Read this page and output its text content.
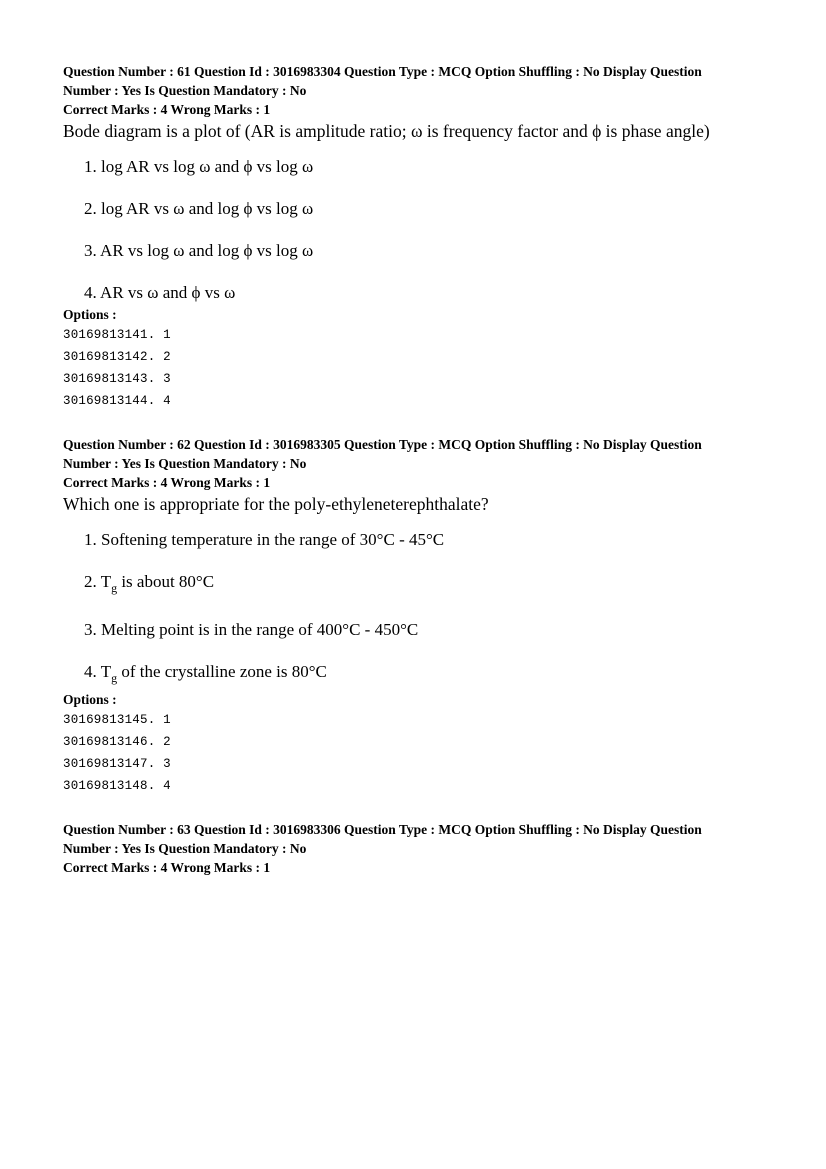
Question Number : 61 Question Id : 3016983304 Question Type : MCQ Option Shuffling : No Display Question
Number : Yes Is Question Mandatory : No
Correct Marks : 4 Wrong Marks : 1
Bode diagram is a plot of (AR is amplitude ratio; ω is frequency factor and ϕ is phase angle)
1. log AR vs log ω and ϕ vs log ω
2. log AR vs ω and log ϕ vs log ω
3. AR vs log ω and log ϕ vs log ω
4. AR vs ω and ϕ vs ω
Options :
30169813141. 1
30169813142. 2
30169813143. 3
30169813144. 4
Question Number : 62 Question Id : 3016983305 Question Type : MCQ Option Shuffling : No Display Question
Number : Yes Is Question Mandatory : No
Correct Marks : 4 Wrong Marks : 1
Which one is appropriate for the poly-ethyleneterephthalate?
1. Softening temperature in the range of 30°C - 45°C
2. $T_g$ is about 80°C
3. Melting point is in the range of 400°C - 450°C
4. $T_g$ of the crystalline zone is 80°C
Options :
30169813145. 1
30169813146. 2
30169813147. 3
30169813148. 4
Question Number : 63 Question Id : 3016983306 Question Type : MCQ Option Shuffling : No Display Question
Number : Yes Is Question Mandatory : No
Correct Marks : 4 Wrong Marks : 1
